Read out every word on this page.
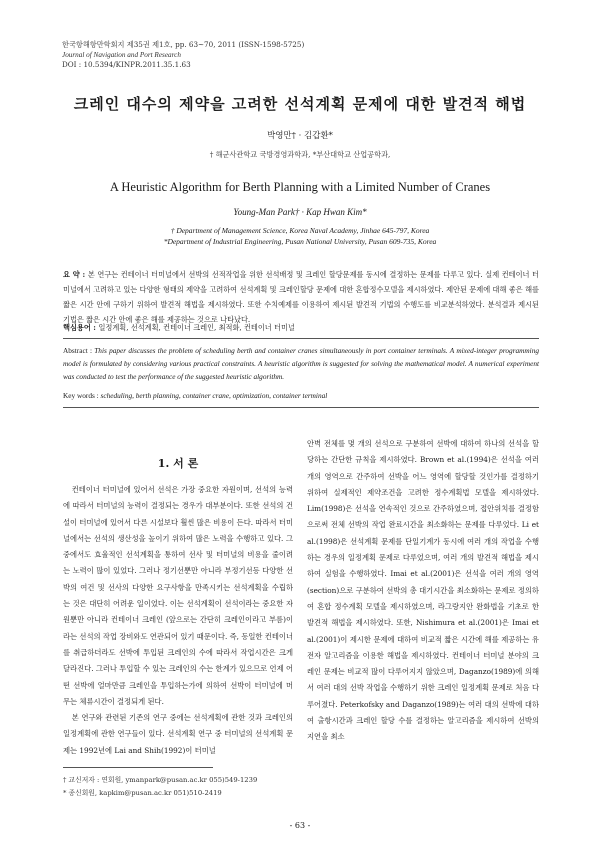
한국항해항만학회지 제35권 제1호, pp. 63~70, 2011 (ISSN-1598-5725)
Journal of Navigation and Port Research
DOI : 10.5394/KINPR.2011.35.1.63
크레인 대수의 제약을 고려한 선석계획 문제에 대한 발견적 해법
박영만† · 김갑환*
† 해군사관학교 국방경영과학과, *부산대학교 산업공학과,
A Heuristic Algorithm for Berth Planning with a Limited Number of Cranes
Young-Man Park† · Kap Hwan Kim*
† Department of Management Science, Korea Naval Academy, Jinhae 645-797, Korea
*Department of Industrial Engineering, Pusan National University, Pusan 609-735, Korea
요 약 : 본 연구는 컨테이너 터미널에서 선박의 선적작업을 위한 선석배정 및 크레인 할당문제를 동시에 결정하는 문제를 다루고 있다. 실제 컨테이너 터미널에서 고려하고 있는 다양한 형태의 제약을 고려하여 선석계획 및 크레인할당 문제에 대한 혼합정수모델을 제시하였다. 제안된 문제에 대해 좋은 해를 짧은 시간 안에 구하기 위하여 발견적 해법을 제시하였다. 또한 수치예제를 이용하여 제시된 발견적 기법의 수행도를 비교분석하였다. 분석결과 제시된 기법은 짧은 시간 안에 좋은 해를 제공하는 것으로 나타났다.
핵심용어 : 일정계획, 선석계획, 컨테이너 크레인, 최적화, 컨테이너 터미널
Abstract : This paper discusses the problem of scheduling berth and container cranes simultaneously in port container terminals. A mixed-integer programming model is formulated by considering various practical constraints. A heuristic algorithm is suggested for solving the mathematical model. A numerical experiment was conducted to test the performance of the suggested heuristic algorithm.
Key words : scheduling, berth planning, container crane, optimization, container terminal
1. 서 론

컨테이너 터미널에 있어서 선석은 가장 중요한 자원이며, 선석의 능력에 따라서 터미널의 능력이 결정되는 경우가 대부분이다. 또한 선석의 건설이 터미널에 있어서 다른 시설보다 훨씬 많은 비용이 든다. 따라서 터미널에서는 선석의 생산성을 높이기 위하여 많은 노력을 수행하고 있다. 그 중에서도 효율적인 선석계획을 통하여 선사 및 터미널의 비용을 줄이려는 노력이 많이 있었다. 그러나 정기선뿐만 아니라 부정기선등 다양한 선박의 여건 및 선사의 다양한 요구사항을 만족시키는 선석계획을 수립하는 것은 대단히 어려운 일이었다. 이는 선석계획이 선석이라는 중요한 자원뿐만 아니라 컨테이너 크레인 (앞으로는 간단히 크레인이라고 부름)이라는 선석의 작업 장비와도 연관되어 있기 때문이다. 즉, 동일한 컨테이너를 취급하더라도 선박에 투입된 크레인의 수에 따라서 작업시간은 크게 달라진다. 그러나 투입할 수 있는 크레인의 수는 한계가 있으므로 언제 어떤 선박에 얼마만큼 크레인을 투입하는가에 의하여 선박이 터미널에 머무는 체류시간이 결정되게 된다.

본 연구와 관련된 기존의 연구 중에는 선석계획에 관한 것과 크레인의 일정계획에 관한 연구들이 있다. 선석계획 연구 중 터미널의 선석계획 문제는 1992년에 Lai and Shih(1992)이 터미널

안벽 전체를 몇 개의 선석으로 구분하여 선박에 대하여 하나의 선석을 할당하는 간단한 규칙을 제시하였다. Brown et al.(1994)은 선석을 여러 개의 영역으로 간주하여 선박을 어느 영역에 할당할 것인가를 결정하기 위하여 실제적인 제약조건을 고려한 정수계획법 모델을 제시하였다. Lim(1998)은 선석을 연속적인 것으로 간주하였으며, 접안위치를 결정함으로써 전체 선박의 작업 완료시간을 최소화하는 문제를 다루었다. Li et al.(1998)은 선석계획 문제를 단일기계가 동시에 여러 개의 작업을 수행하는 경우의 일정계획 문제로 다루었으며, 여러 개의 발견적 해법을 제시하여 실험을 수행하였다. Imai et al.(2001)은 선석을 여러 개의 영역(section)으로 구분하여 선박의 총 대기시간을 최소화하는 문제로 정의하여 혼합 정수계획 모델을 제시하였으며, 라그랑지안 완화법을 기초로 한 발견적 해법을 제시하였다. 또한, Nishimura et al.(2001)은 Imai et al.(2001)이 제시한 문제에 대하여 비교적 짧은 시간에 해를 제공하는 유전자 알고리즘을 이용한 해법을 제시하였다. 컨테이너 터미널 분야의 크레인 문제는 비교적 많이 다루어지지 않았으며, Daganzo(1989)에 의해서 여러 대의 선박 작업을 수행하기 위한 크레인 일정계획 문제로 처음 다루어졌다. Peterkofsky and Daganzo(1989)는 여러 대의 선박에 대하여 출항시간과 크레인 할당 수를 결정하는 알고리즘을 제시하여 선박의 지연을 최소

† 교신저자 : 연회원, ymanpark@pusan.ac.kr 055)549-1239
* 종신회원, kapkim@pusan.ac.kr 051)510-2419
- 63 -
